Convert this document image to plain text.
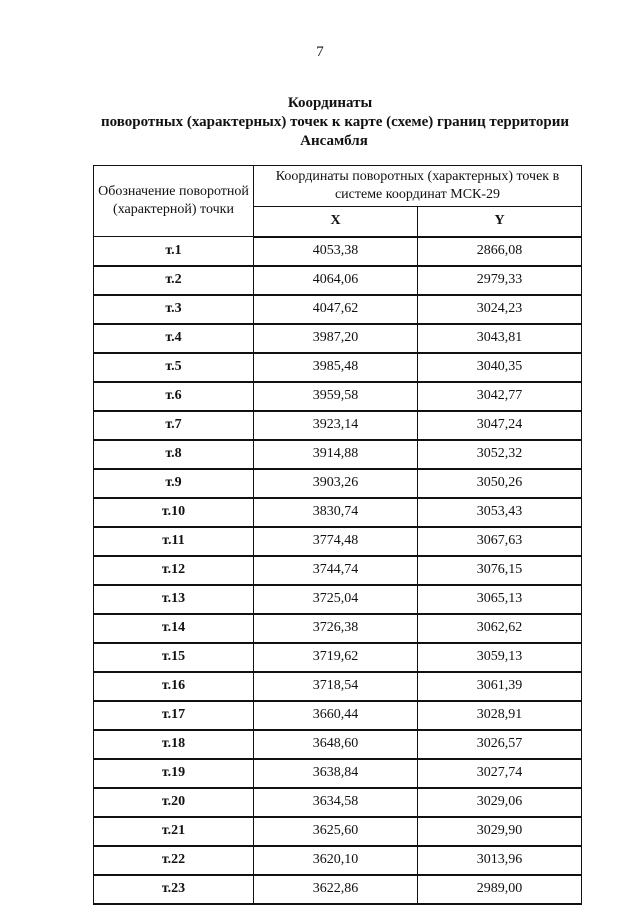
7
Координаты
поворотных (характерных) точек к карте (схеме) границ территории
Ансамбля
Обозначение поворотной (характерной) точки	Координаты поворотных (характерных) точек в системе координат МСК-29	
	X	Y
т.1	4053,38	2866,08
т.2	4064,06	2979,33
т.3	4047,62	3024,23
т.4	3987,20	3043,81
т.5	3985,48	3040,35
т.6	3959,58	3042,77
т.7	3923,14	3047,24
т.8	3914,88	3052,32
т.9	3903,26	3050,26
т.10	3830,74	3053,43
т.11	3774,48	3067,63
т.12	3744,74	3076,15
т.13	3725,04	3065,13
т.14	3726,38	3062,62
т.15	3719,62	3059,13
т.16	3718,54	3061,39
т.17	3660,44	3028,91
т.18	3648,60	3026,57
т.19	3638,84	3027,74
т.20	3634,58	3029,06
т.21	3625,60	3029,90
т.22	3620,10	3013,96
т.23	3622,86	2989,00
